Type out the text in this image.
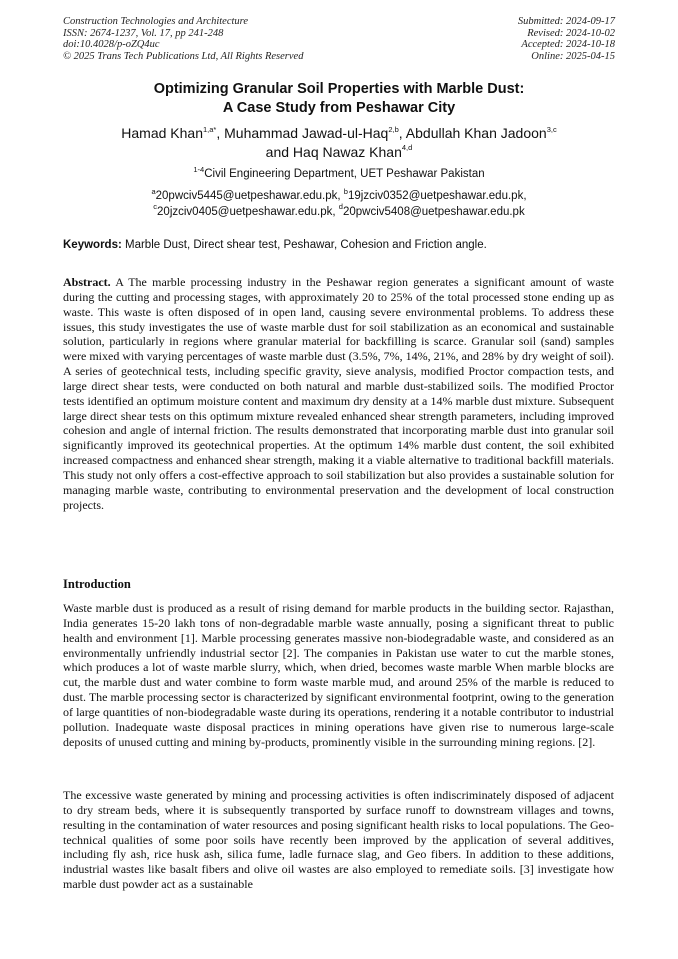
Construction Technologies and Architecture
ISSN: 2674-1237, Vol. 17, pp 241-248
doi:10.4028/p-oZQ4uc
© 2025 Trans Tech Publications Ltd, All Rights Reserved
Submitted: 2024-09-17
Revised: 2024-10-02
Accepted: 2024-10-18
Online: 2025-04-15
Optimizing Granular Soil Properties with Marble Dust:
A Case Study from Peshawar City
Hamad Khan$^{1,a*}$, Muhammad Jawad-ul-Haq$^{2,b}$, Abdullah Khan Jadoon$^{3,c}$
and Haq Nawaz Khan$^{4,d}$
$^{1-4}$Civil Engineering Department, UET Peshawar Pakistan
$^a$20pwciv5445@uetpeshawar.edu.pk, $^b$19jzciv0352@uetpeshawar.edu.pk,
$^c$20jzciv0405@uetpeshawar.edu.pk, $^d$20pwciv5408@uetpeshawar.edu.pk
Keywords: Marble Dust, Direct shear test, Peshawar, Cohesion and Friction angle.

Abstract. A The marble processing industry in the Peshawar region generates a significant amount of waste during the cutting and processing stages, with approximately 20 to 25% of the total processed stone ending up as waste. This waste is often disposed of in open land, causing severe environmental problems. To address these issues, this study investigates the use of waste marble dust for soil stabilization as an economical and sustainable solution, particularly in regions where granular material for backfilling is scarce. Granular soil (sand) samples were mixed with varying percentages of waste marble dust (3.5%, 7%, 14%, 21%, and 28% by dry weight of soil). A series of geotechnical tests, including specific gravity, sieve analysis, modified Proctor compaction tests, and large direct shear tests, were conducted on both natural and marble dust-stabilized soils. The modified Proctor tests identified an optimum moisture content and maximum dry density at a 14% marble dust mixture. Subsequent large direct shear tests on this optimum mixture revealed enhanced shear strength parameters, including improved cohesion and angle of internal friction. The results demonstrated that incorporating marble dust into granular soil significantly improved its geotechnical properties. At the optimum 14% marble dust content, the soil exhibited increased compactness and enhanced shear strength, making it a viable alternative to traditional backfill materials. This study not only offers a cost-effective approach to soil stabilization but also provides a sustainable solution for managing marble waste, contributing to environmental preservation and the development of local construction projects.

Introduction

Waste marble dust is produced as a result of rising demand for marble products in the building sector. Rajasthan, India generates 15-20 lakh tons of non-degradable marble waste annually, posing a significant threat to public health and environment [1]. Marble processing generates massive non-biodegradable waste, and considered as an environmentally unfriendly industrial sector [2]. The companies in Pakistan use water to cut the marble stones, which produces a lot of waste marble slurry, which, when dried, becomes waste marble When marble blocks are cut, the marble dust and water combine to form waste marble mud, and around 25% of the marble is reduced to dust. The marble processing sector is characterized by significant environmental footprint, owing to the generation of large quantities of non-biodegradable waste during its operations, rendering it a notable contributor to industrial pollution. Inadequate waste disposal practices in mining operations have given rise to numerous large-scale deposits of unused cutting and mining by-products, prominently visible in the surrounding mining regions. [2].

The excessive waste generated by mining and processing activities is often indiscriminately disposed of adjacent to dry stream beds, where it is subsequently transported by surface runoff to downstream villages and towns, resulting in the contamination of water resources and posing significant health risks to local populations. The Geo-technical qualities of some poor soils have recently been improved by the application of several additives, including fly ash, rice husk ash, silica fume, ladle furnace slag, and Geo fibers. In addition to these additions, industrial wastes like basalt fibers and olive oil wastes are also employed to remediate soils. [3] investigate how marble dust powder act as a sustainable
